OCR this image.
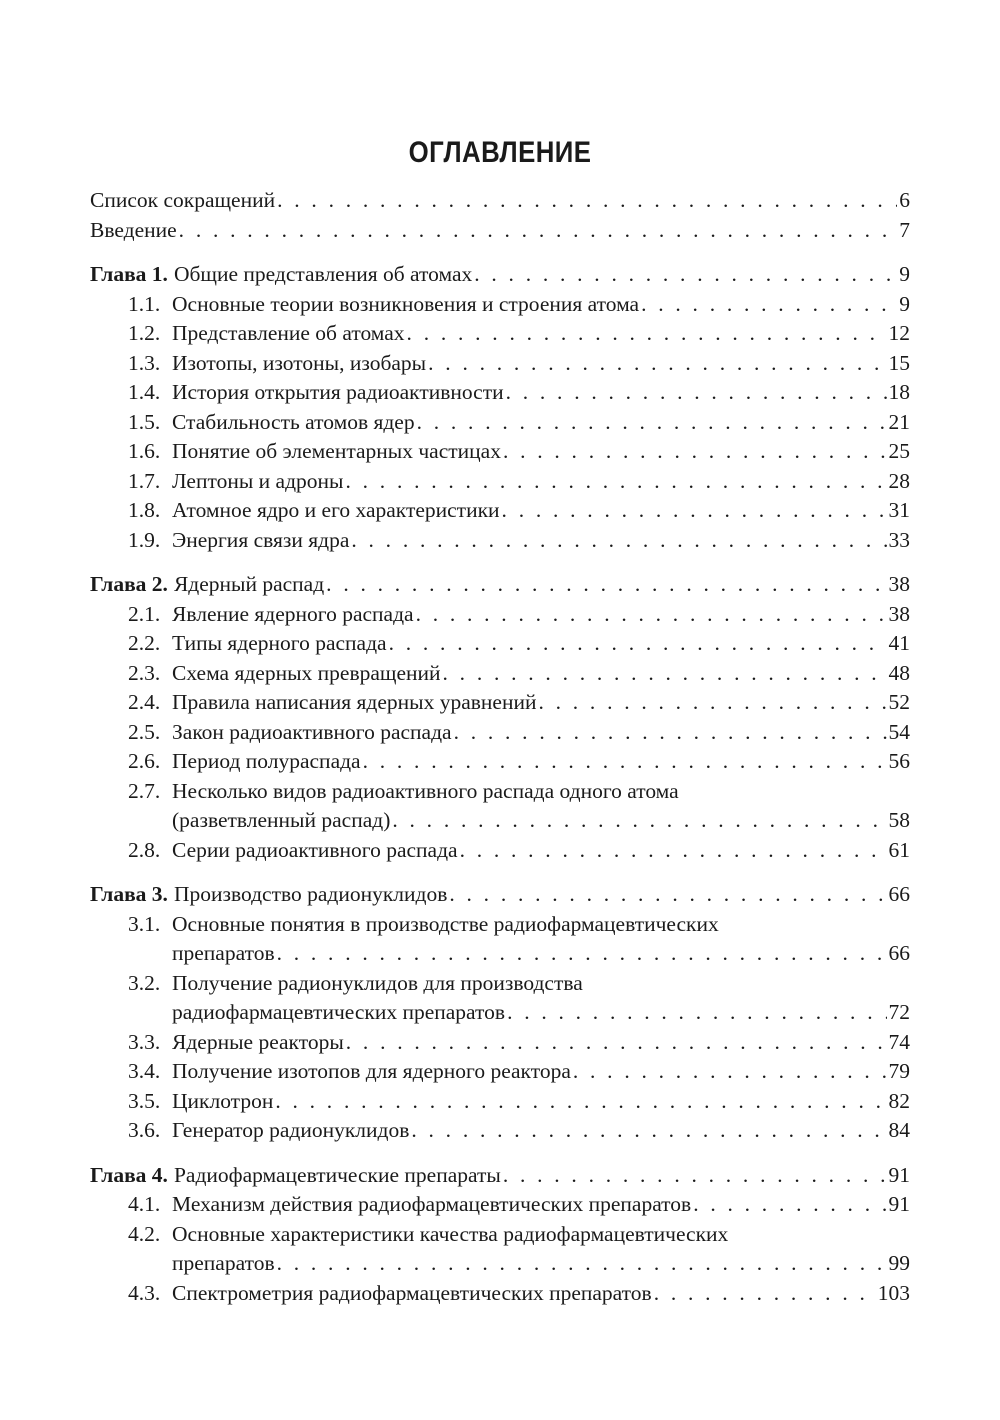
ОГЛАВЛЕНИЕ
Список сокращений . . .	6
Введение . . .	7
Глава 1. Общие представления об атомах . . .	9
1.1. Основные теории возникновения и строения атома . . .	9
1.2. Представление об атомах . . .	12
1.3. Изотопы, изотоны, изобары . . .	15
1.4. История открытия радиоактивности . . .	18
1.5. Стабильность атомов ядер . . .	21
1.6. Понятие об элементарных частицах . . .	25
1.7. Лептоны и адроны . . .	28
1.8. Атомное ядро и его характеристики . . .	31
1.9. Энергия связи ядра . . .	33
Глава 2. Ядерный распад . . .	38
2.1. Явление ядерного распада . . .	38
2.2. Типы ядерного распада . . .	41
2.3. Схема ядерных превращений . . .	48
2.4. Правила написания ядерных уравнений . . .	52
2.5. Закон радиоактивного распада . . .	54
2.6. Период полураспада . . .	56
2.7. Несколько видов радиоактивного распада одного атома
(разветвленный распад) . . .	58
2.8. Серии радиоактивного распада . . .	61
Глава 3. Производство радионуклидов . . .	66
3.1. Основные понятия в производстве радиофармацевтических
препаратов . . .	66
3.2. Получение радионуклидов для производства
радиофармацевтических препаратов . . .	72
3.3. Ядерные реакторы . . .	74
3.4. Получение изотопов для ядерного реактора . . .	79
3.5. Циклотрон . . .	82
3.6. Генератор радионуклидов . . .	84
Глава 4. Радиофармацевтические препараты . . .	91
4.1. Механизм действия радиофармацевтических препаратов . . .	91
4.2. Основные характеристики качества радиофармацевтических
препаратов . . .	99
4.3. Спектрометрия радиофармацевтических препаратов . . .	103
